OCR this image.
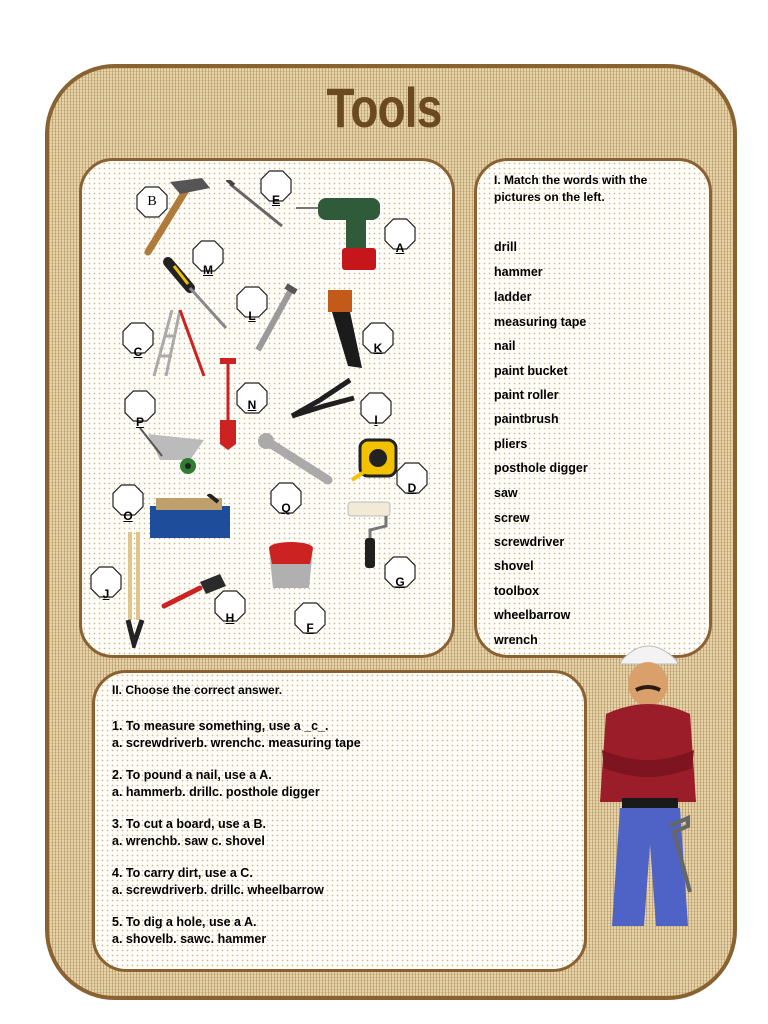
Tools
B	E
A
M
L
C	K
N
P	I
D
O
Q
G
J
H
F
I. Match the words with the pictures on the left.
drill
hammer
ladder
measuring tape
nail
paint bucket
paint roller
paintbrush
pliers
posthole digger
saw
screw
screwdriver
shovel
toolbox
wheelbarrow
wrench
II. Choose the correct answer.
1. To measure something, use a _c_.
a. screwdriverb. wrenchc. measuring tape
2. To pound a nail, use a A.
a. hammerb. drillc. posthole digger
3. To cut a board, use a B.
a. wrenchb. saw c. shovel
4. To carry dirt, use a C.
a. screwdriverb. drillc. wheelbarrow
5. To dig a hole, use a A.
a. shovelb. sawc. hammer
